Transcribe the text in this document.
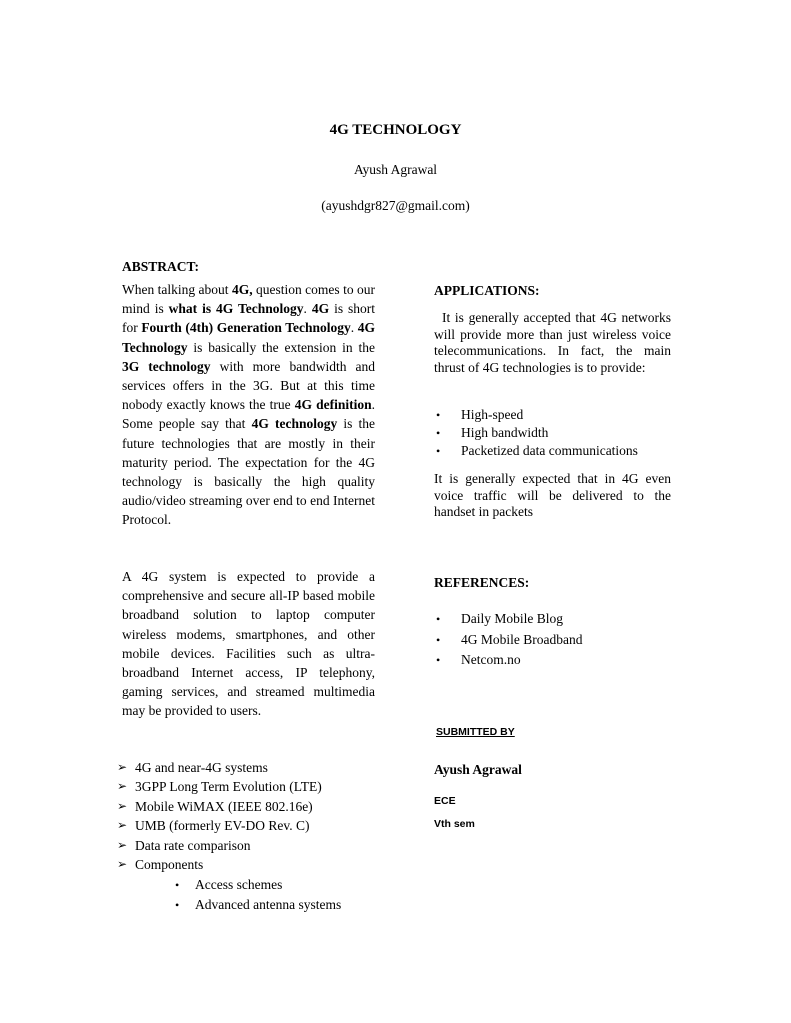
4G TECHNOLOGY
Ayush Agrawal
(ayushdgr827@gmail.com)
ABSTRACT:
When talking about 4G, question comes to our mind is what is 4G Technology. 4G is short for Fourth (4th) Generation Technology. 4G Technology is basically the extension in the 3G technology with more bandwidth and services offers in the 3G. But at this time nobody exactly knows the true 4G definition. Some people say that 4G technology is the future technologies that are mostly in their maturity period. The expectation for the 4G technology is basically the high quality audio/video streaming over end to end Internet Protocol.
A 4G system is expected to provide a comprehensive and secure all-IP based mobile broadband solution to laptop computer wireless modems, smartphones, and other mobile devices. Facilities such as ultra-broadband Internet access, IP telephony, gaming services, and streamed multimedia may be provided to users.
➢ 4G and near-4G systems
➢ 3GPP Long Term Evolution (LTE)
➢ Mobile WiMAX (IEEE 802.16e)
➢ UMB (formerly EV-DO Rev. C)
➢ Data rate comparison
➢ Components
• Access schemes
• Advanced antenna systems
APPLICATIONS:
It is generally accepted that 4G networks will provide more than just wireless voice telecommunications. In fact, the main thrust of 4G technologies is to provide:
• High-speed
• High bandwidth
• Packetized data communications
It is generally expected that in 4G even voice traffic will be delivered to the handset in packets
REFERENCES:
• Daily Mobile Blog
• 4G Mobile Broadband
• Netcom.no
SUBMITTED BY
Ayush Agrawal
ECE
Vth sem
